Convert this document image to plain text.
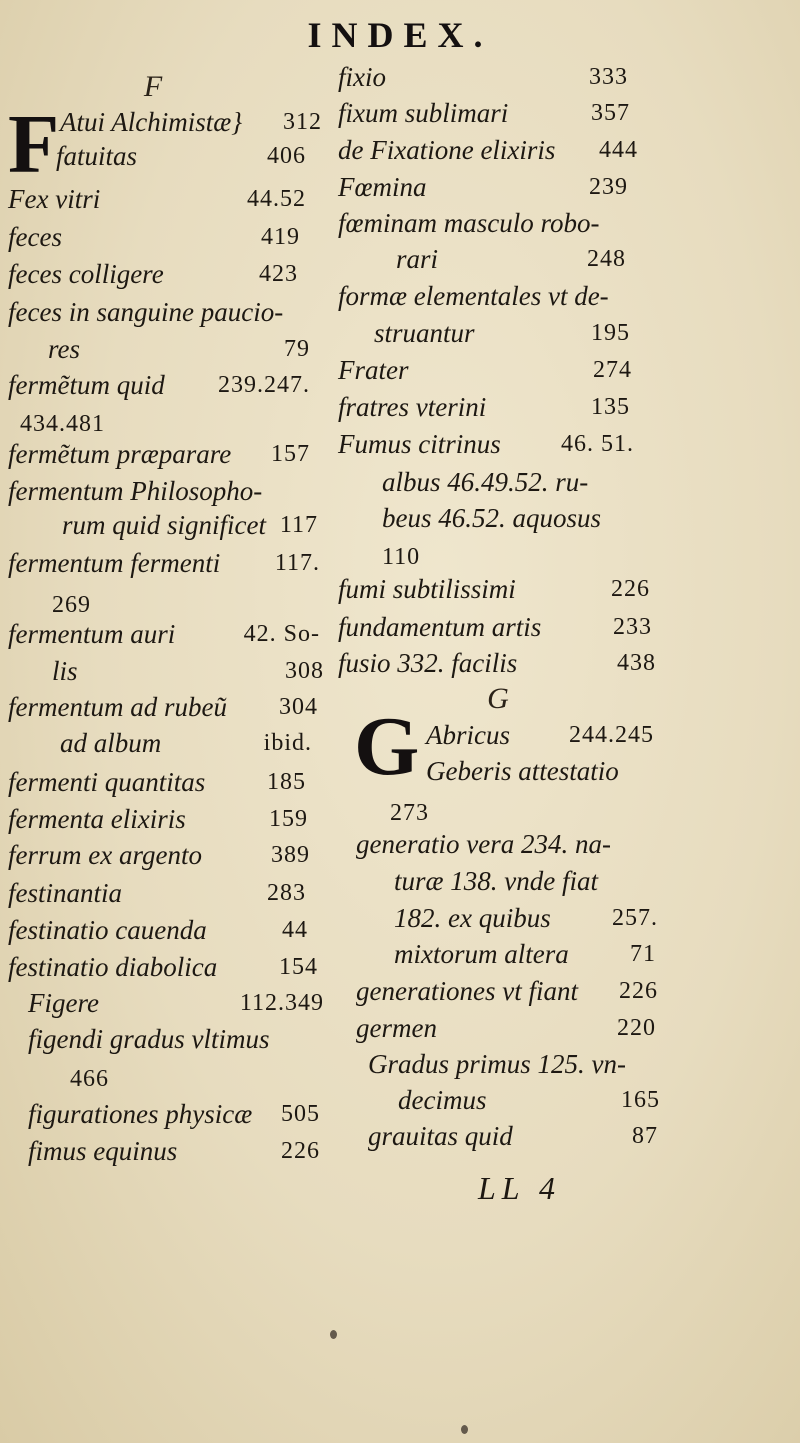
INDEX.
F
F Atui Alchimistæ} 312
fatuitas	406
Fex vitri	44.52
feces	419
feces colligere	423
feces in sanguine paucio-
res	79
fermẽtum quid 239.247.
434.481
fermẽtum præparare 157
fermentum Philosopho-
rum quid significet 117
fermentum fermenti 117.
269
fermentum auri	42. So-
lis	308
fermentum ad rubeũ 304
ad album	ibid.
fermenti quantitas	185
fermenta elixiris	159
ferrum ex argento	389
festinantia	283
festinatio cauenda	44
festinatio diabolica	154
Figere	112.349
figendi gradus vltimus
466
figurationes physicæ 505
fimus equinus	226
fixio	333
fixum sublimari	357
de Fixatione elixiris 444
Fœmina	239
fœminam masculo robo-
rari	248
formæ elementales vt de-
struantur	195
Frater	274
fratres vterini	135
Fumus citrinus	46. 51.
albus 46.49.52. ru-
beus 46.52. aquosus
110
fumi subtilissimi	226
fundamentum artis	233
fusio 332. facilis	438
G
G Abricus 244.245
Geberis attestatio
273
generatio vera 234. na-
turæ 138. vnde fiat
182. ex quibus	257.
mixtorum altera	71
generationes vt fiant 226
germen	220
Gradus primus 125. vn-
decimus	165
grauitas quid	87
LL 4
